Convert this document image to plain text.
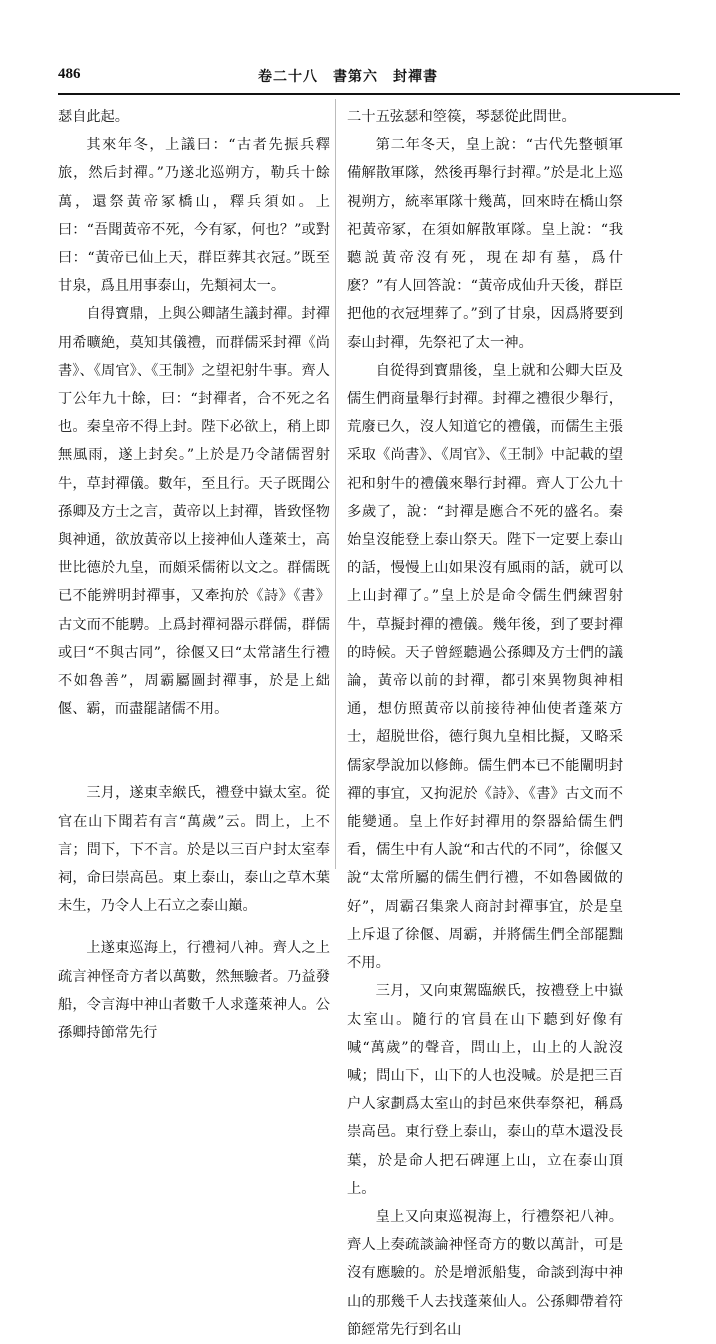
486	卷二十八　書第六　封禪書

瑟自此起。

其來年冬，上議曰：“古者先振兵釋旅，然后封禪。”乃遂北巡朔方，勒兵十餘萬，還祭黃帝冢橋山，釋兵須如。上曰：“吾聞黃帝不死，今有冢，何也？”或對曰：“黃帝已仙上天，群臣葬其衣冠。”既至甘泉，爲且用事泰山，先類祠太一。

自得寶鼎，上與公卿諸生議封禪。封禪用希曠絶，莫知其儀禮，而群儒采封禪《尚書》、《周官》、《王制》之望祀射牛事。齊人丁公年九十餘，曰：“封禪者，合不死之名也。秦皇帝不得上封。陛下必欲上，稍上即無風雨，遂上封矣。”上於是乃令諸儒習射牛，草封禪儀。數年，至且行。天子既聞公孫卿及方士之言，黃帝以上封禪，皆致怪物與神通，欲放黃帝以上接神仙人蓬萊士，高世比德於九皇，而頗采儒術以文之。群儒既已不能辨明封禪事，又牽拘於《詩》《書》古文而不能騁。上爲封禪祠器示群儒，群儒或曰“不與古同”，徐偃又曰“太常諸生行禮不如魯善”，周霸屬圖封禪事，於是上絀偃、霸，而盡罷諸儒不用。

三月，遂東幸緱氏，禮登中嶽太室。從官在山下聞若有言“萬歲”云。問上，上不言；問下，下不言。於是以三百户封太室奉祠，命曰崇高邑。東上泰山，泰山之草木葉未生，乃令人上石立之泰山巔。

上遂東巡海上，行禮祠八神。齊人之上疏言神怪奇方者以萬數，然無驗者。乃益發船，令言海中神山者數千人求蓬萊神人。公孫卿持節常先行

二十五弦瑟和箜篌，琴瑟從此問世。

第二年冬天，皇上說：“古代先整頓軍備解散軍隊，然後再舉行封禪。”於是北上巡視朔方，統率軍隊十幾萬，回來時在橋山祭祀黃帝冢，在須如解散軍隊。皇上說：“我聽説黃帝沒有死，現在却有墓，爲什麽？”有人回答說：“黃帝成仙升天後，群臣把他的衣冠埋葬了。”到了甘泉，因爲將要到泰山封禪，先祭祀了太一神。

自從得到寶鼎後，皇上就和公卿大臣及儒生們商量舉行封禪。封禪之禮很少舉行，荒廢已久，沒人知道它的禮儀，而儒生主張采取《尚書》、《周官》、《王制》中記載的望祀和射牛的禮儀來舉行封禪。齊人丁公九十多歲了，說：“封禪是應合不死的盛名。秦始皇沒能登上泰山祭天。陛下一定要上泰山的話，慢慢上山如果沒有風雨的話，就可以上山封禪了。”皇上於是命令儒生們練習射牛，草擬封禪的禮儀。幾年後，到了要封禪的時候。天子曾經聽過公孫卿及方士們的議論，黃帝以前的封禪，都引來異物與神相通，想仿照黃帝以前接待神仙使者蓬萊方士，超脱世俗，德行與九皇相比擬，又略采儒家學說加以修飾。儒生們本已不能闡明封禪的事宜，又拘泥於《詩》、《書》古文而不能變通。皇上作好封禪用的祭器給儒生們看，儒生中有人說“和古代的不同”，徐偃又說“太常所屬的儒生們行禮，不如魯國做的好”，周霸召集衆人商討封禪事宜，於是皇上斥退了徐偃、周霸，并將儒生們全部罷黜不用。

三月，又向東駕臨緱氏，按禮登上中嶽太室山。隨行的官員在山下聽到好像有喊“萬歲”的聲音，問山上，山上的人說沒喊；問山下，山下的人也没喊。於是把三百户人家劃爲太室山的封邑來供奉祭祀，稱爲崇高邑。東行登上泰山，泰山的草木還没長葉，於是命人把石碑運上山，立在泰山頂上。

皇上又向東巡視海上，行禮祭祀八神。齊人上奏疏談論神怪奇方的數以萬計，可是沒有應驗的。於是增派船隻，命談到海中神山的那幾千人去找蓬萊仙人。公孫卿帶着符節經常先行到名山
